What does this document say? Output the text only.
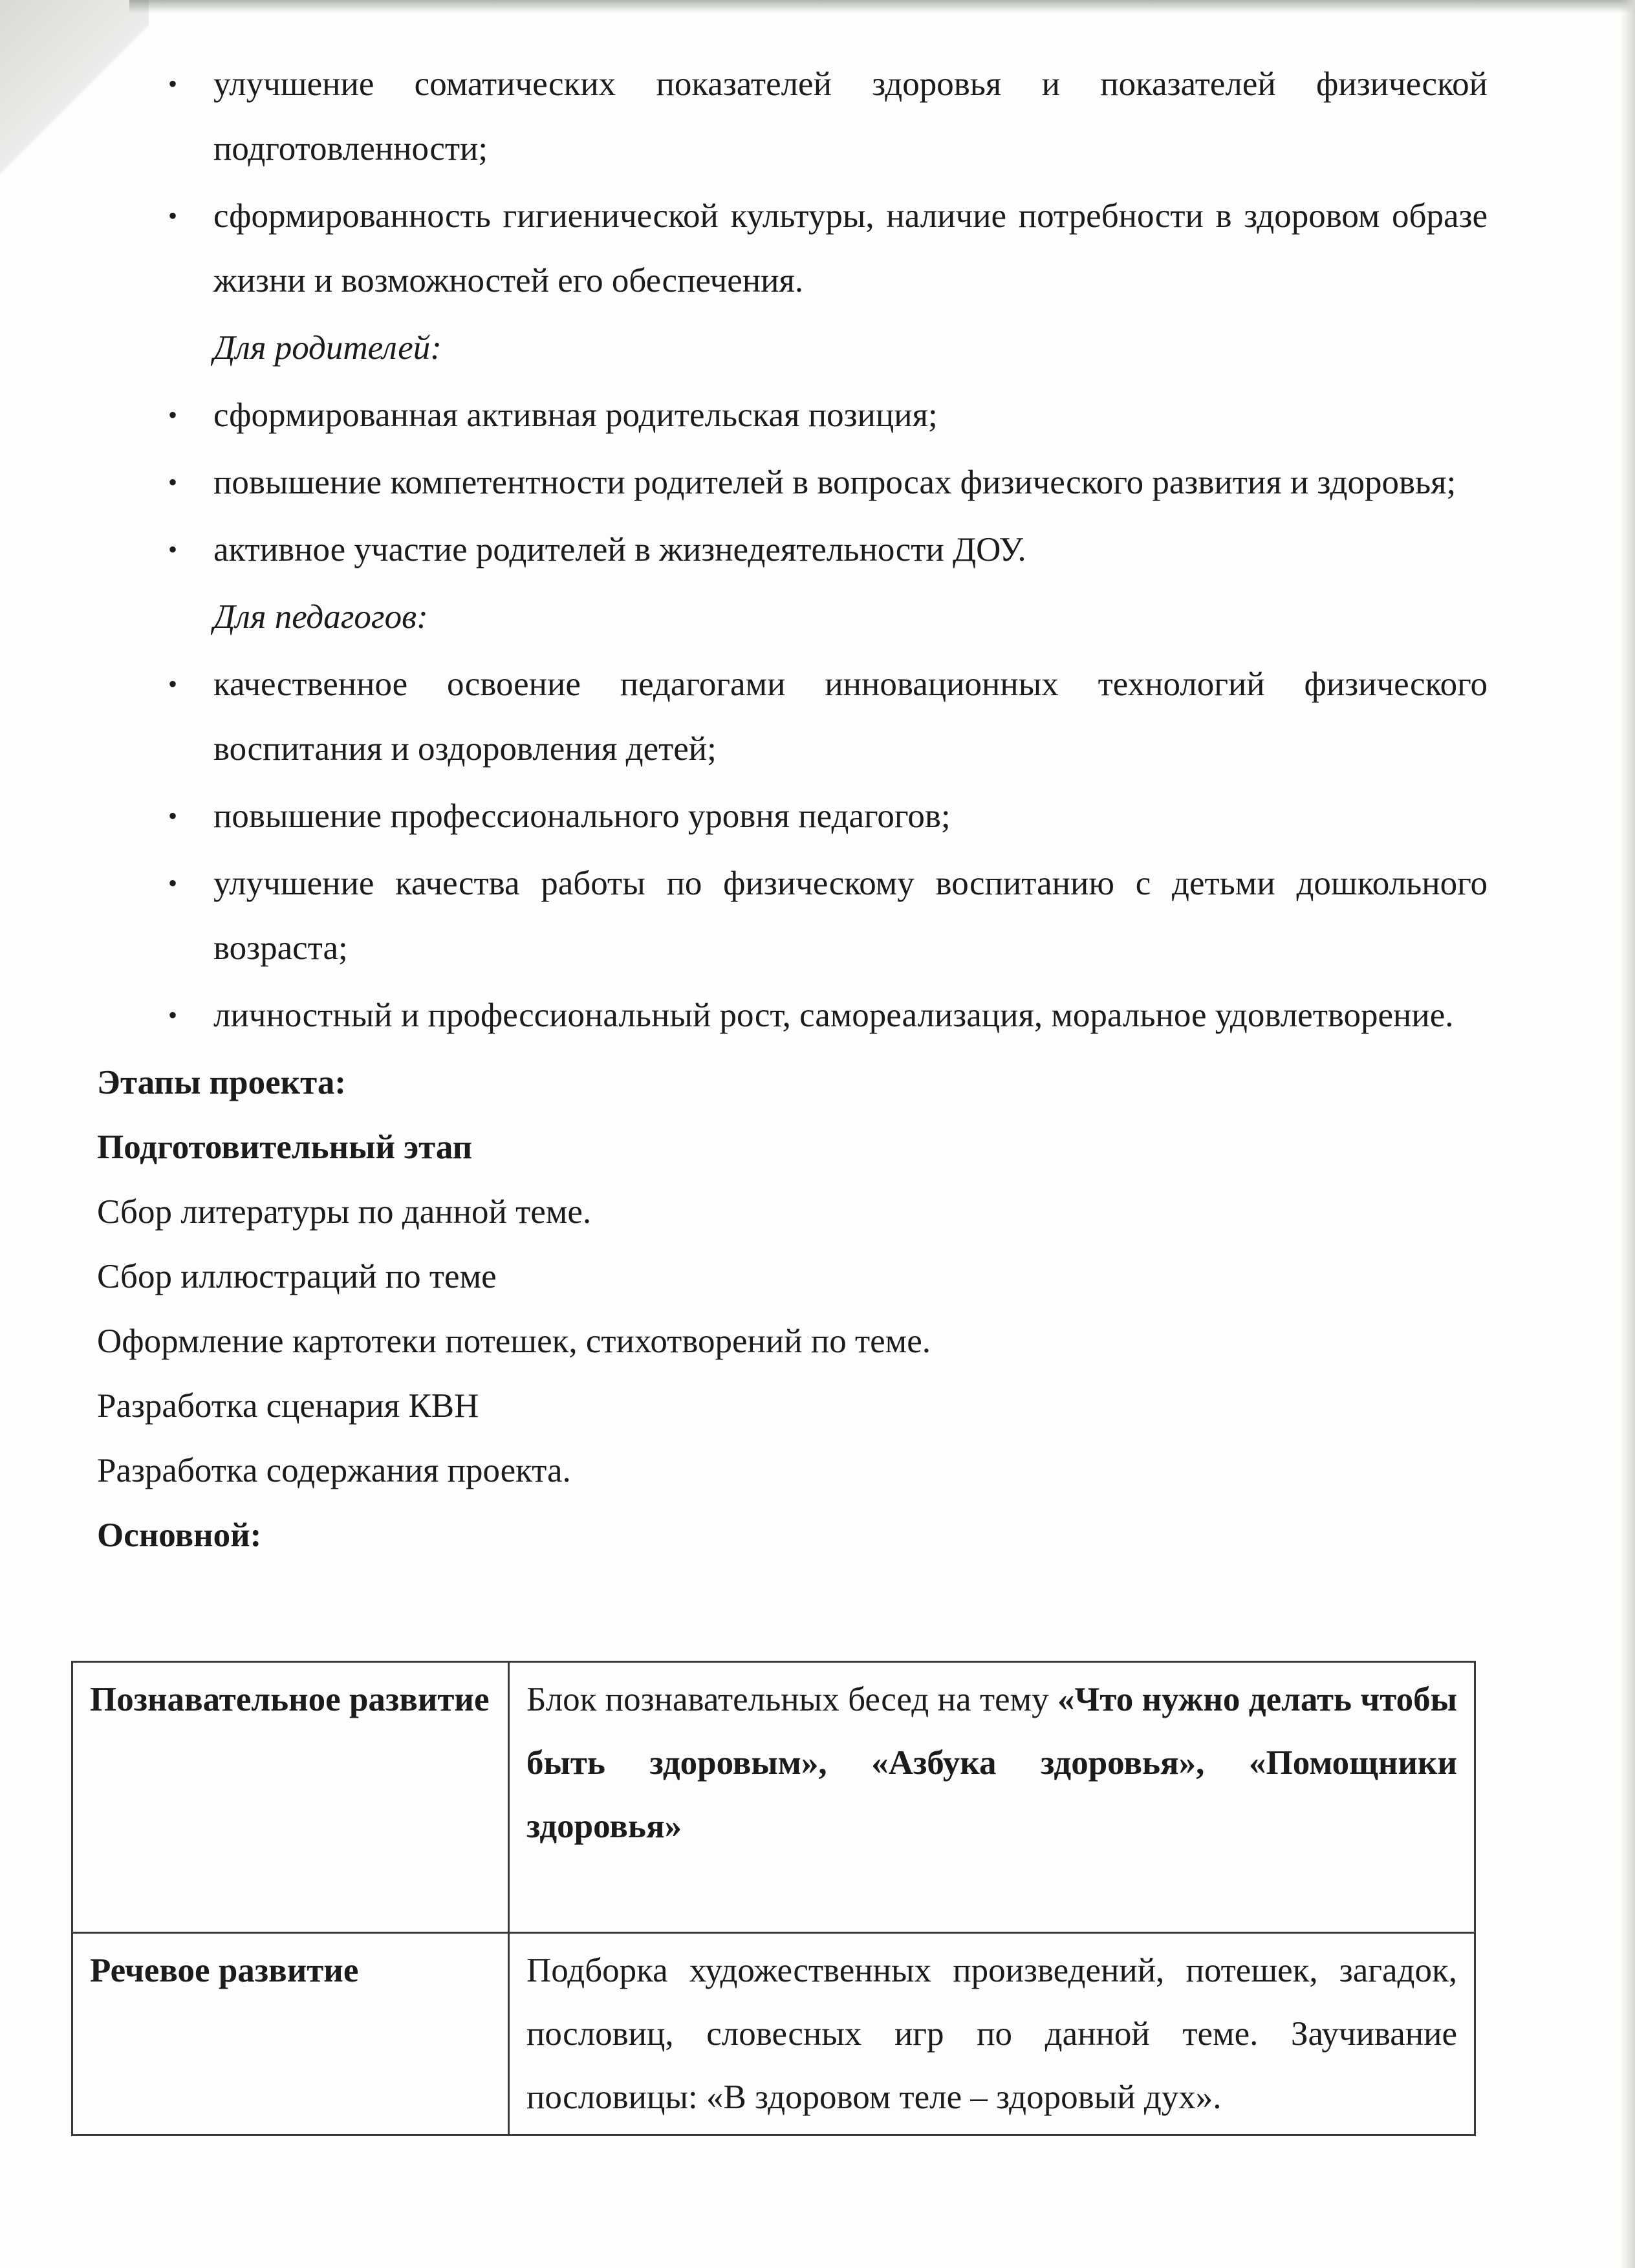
• улучшение соматических показателей здоровья и показателей физической подготовленности;
• сформированность гигиенической культуры, наличие потребности в здоровом образе жизни и возможностей его обеспечения.

Для родителей:

• сформированная активная родительская позиция;
• повышение компетентности родителей в вопросах физического развития и здоровья;
• активное участие родителей в жизнедеятельности ДОУ.

Для педагогов:

• качественное освоение педагогами инновационных технологий физического воспитания и оздоровления детей;
• повышение профессионального уровня педагогов;
• улучшение качества работы по физическому воспитанию с детьми дошкольного возраста;
• личностный и профессиональный рост, самореализация, моральное удовлетворение.

Этапы проекта:

Подготовительный этап

Сбор литературы по данной теме.

Сбор иллюстраций по теме

Оформление картотеки потешек, стихотворений по теме.

Разработка сценария КВН

Разработка содержания проекта.

Основной:

Познавательное развитие	Блок познавательных бесед на тему «Что нужно делать чтобы быть здоровым», «Азбука здоровья», «Помощники здоровья»
Речевое развитие	Подборка художественных произведений, потешек, загадок, пословиц, словесных игр по данной теме. Заучивание пословицы: «В здоровом теле – здоровый дух».
